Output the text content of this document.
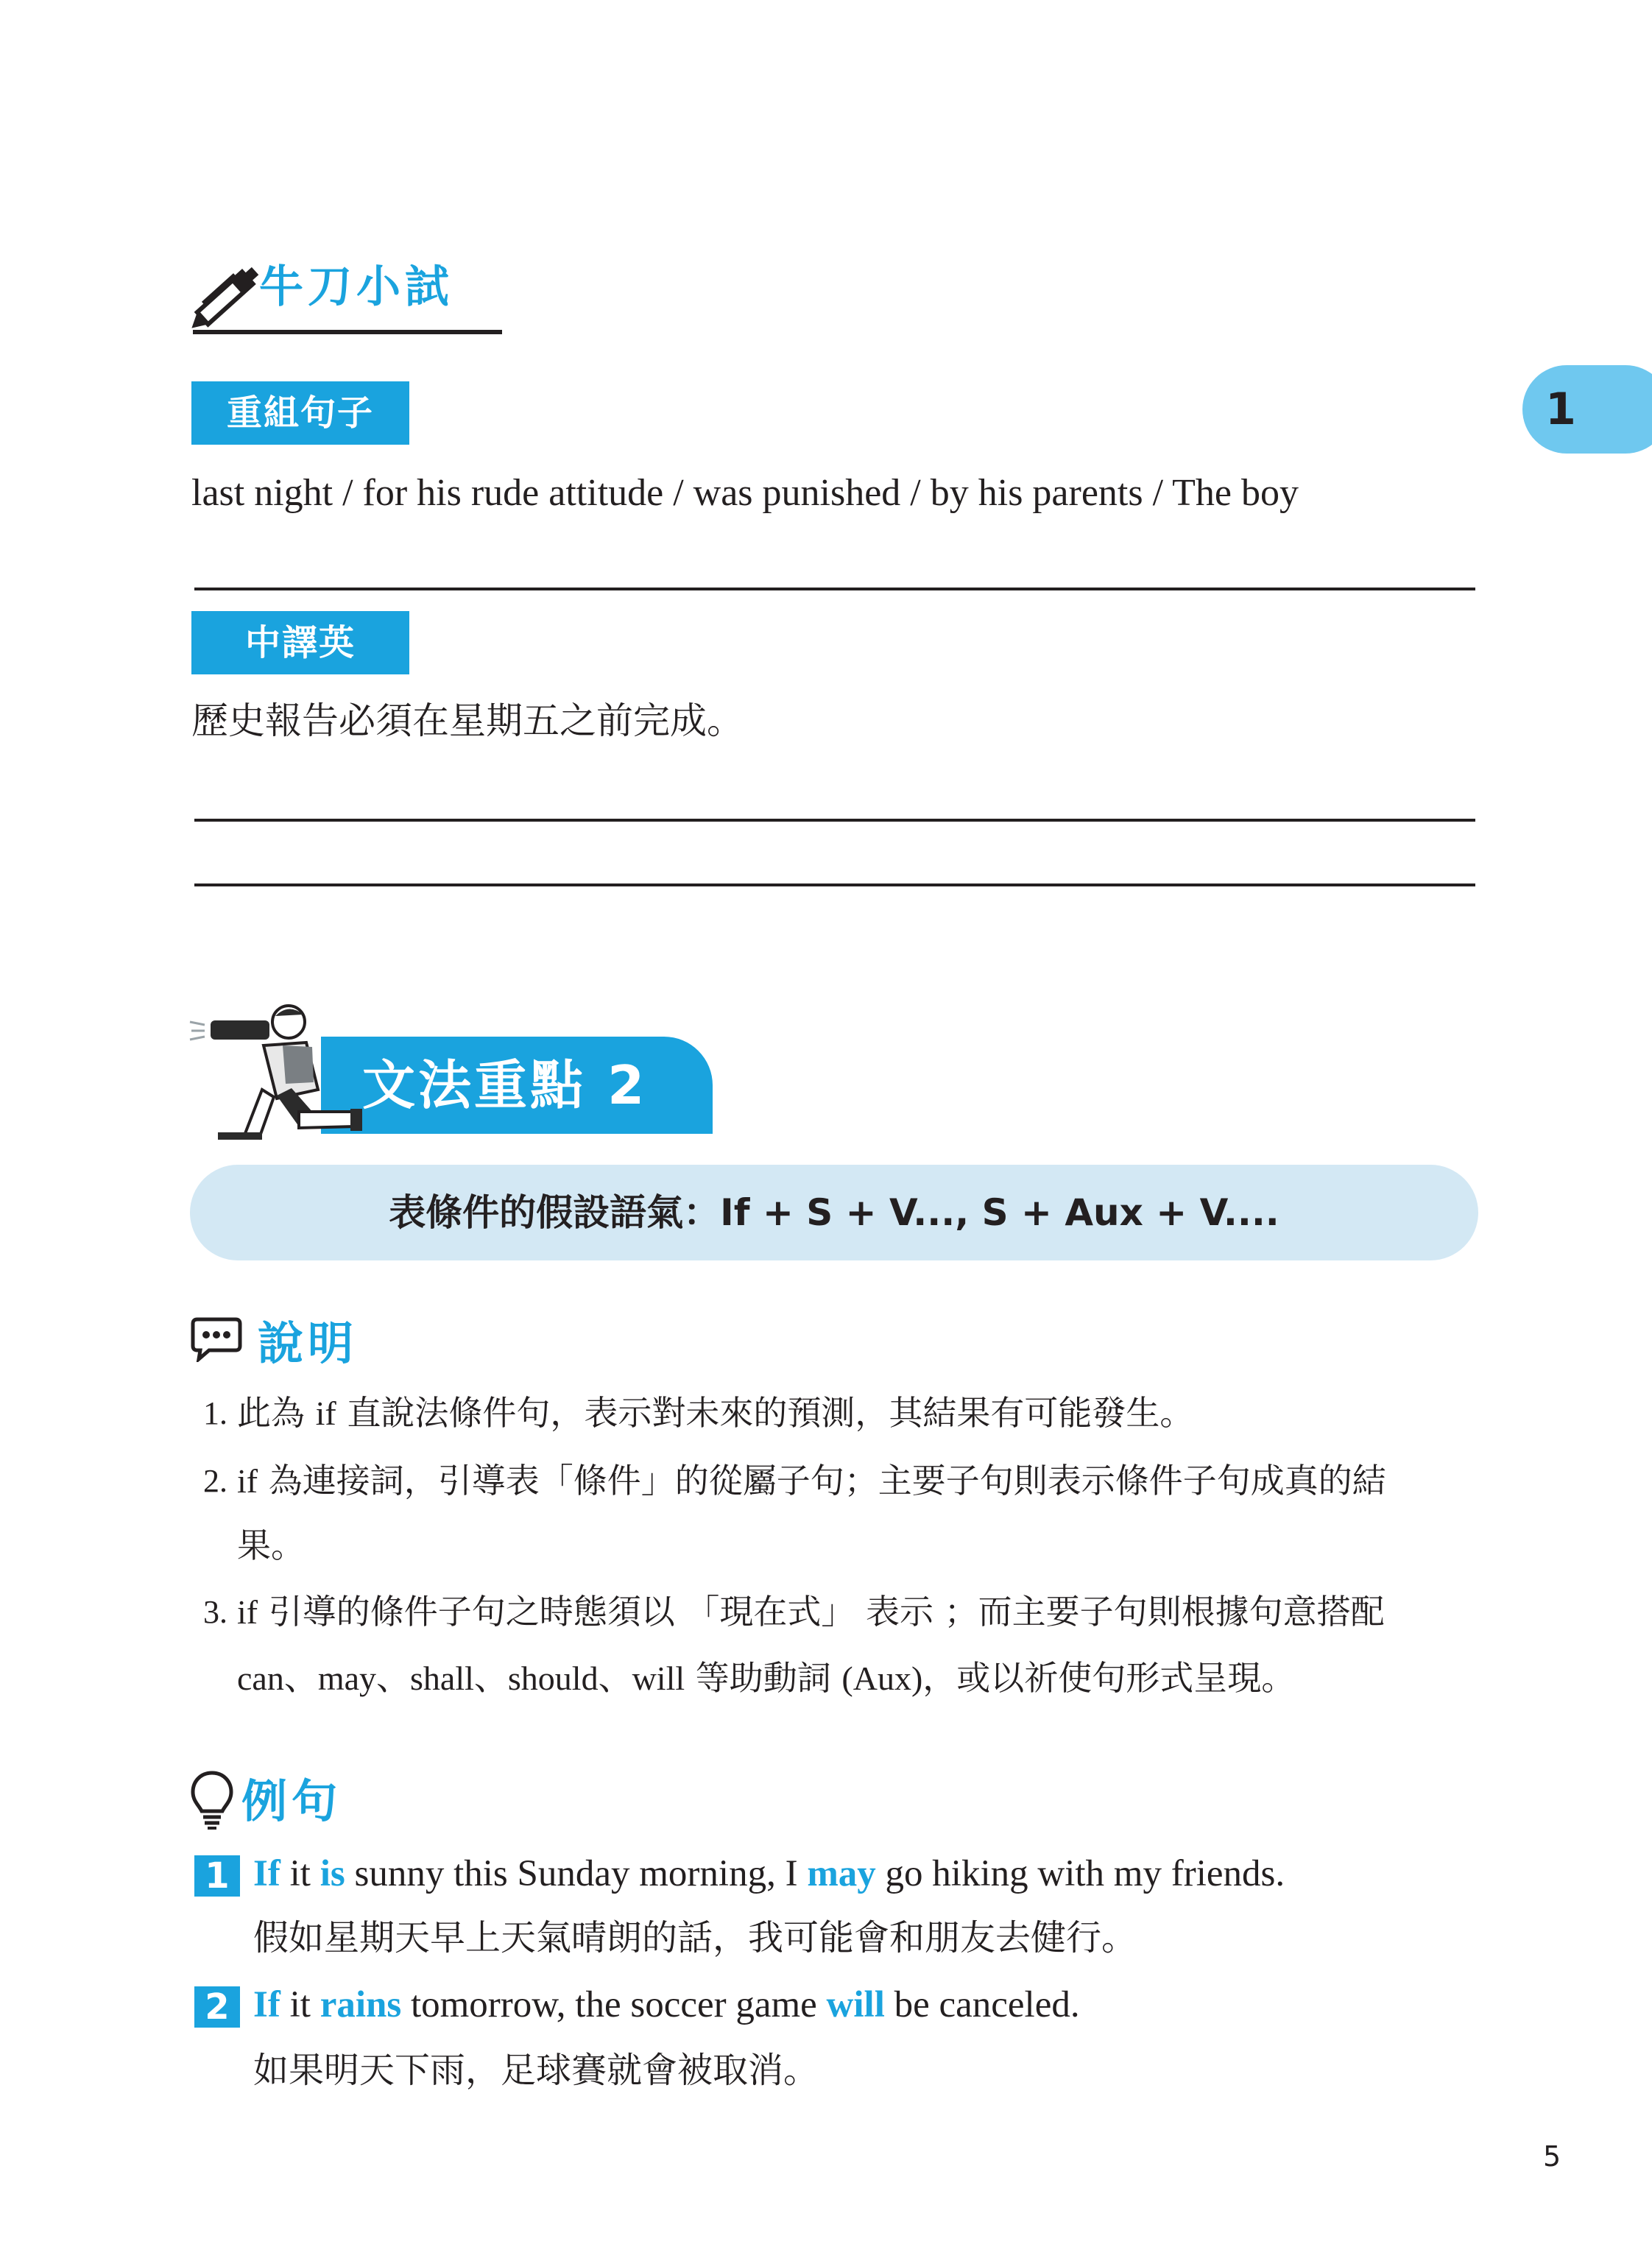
牛刀小試
1
重組句子
last night / for his rude attitude / was punished / by his parents / The boy
中譯英
歷史報告必須在星期五之前完成。
文法重點 2
表條件的假設語氣：If + S + V..., S + Aux + V....
說明
1. 此為 if 直說法條件句，表示對未來的預測，其結果有可能發生。
2. if 為連接詞，引導表「條件」的從屬子句；主要子句則表示條件子句成真的結
果。
3. if 引導的條件子句之時態須以 「現在式」 表示 ；而主要子句則根據句意搭配
can、may、shall、should、will 等助動詞 (Aux)，或以祈使句形式呈現。
例句
1 If it is sunny this Sunday morning, I may go hiking with my friends.
假如星期天早上天氣晴朗的話，我可能會和朋友去健行。
2 If it rains tomorrow, the soccer game will be canceled.
如果明天下雨，足球賽就會被取消。
5
